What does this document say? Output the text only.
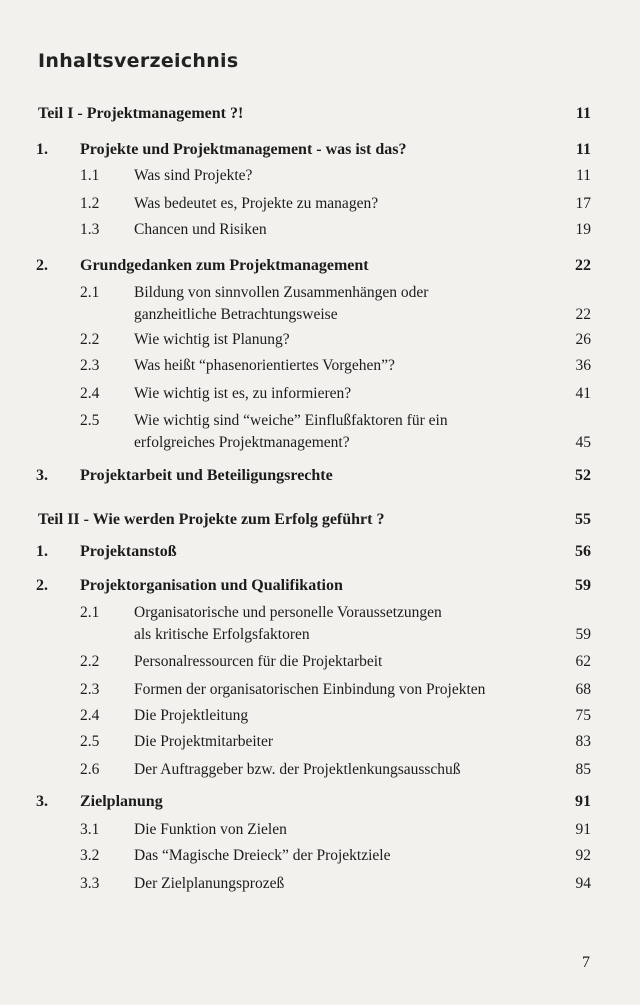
Inhaltsverzeichnis
Teil I - Projektmanagement ?!	11
1. Projekte und Projektmanagement - was ist das?	11
1.1 Was sind Projekte?	11
1.2 Was bedeutet es, Projekte zu managen?	17
1.3 Chancen und Risiken	19
2. Grundgedanken zum Projektmanagement	22
2.1 Bildung von sinnvollen Zusammenhängen oder
ganzheitliche Betrachtungsweise	22
2.2 Wie wichtig ist Planung?	26
2.3 Was heißt “phasenorientiertes Vorgehen”?	36
2.4 Wie wichtig ist es, zu informieren?	41
2.5 Wie wichtig sind “weiche” Einflußfaktoren für ein
erfolgreiches Projektmanagement?	45
3. Projektarbeit und Beteiligungsrechte	52
Teil II - Wie werden Projekte zum Erfolg geführt ?	55
1. Projektanstoß	56
2. Projektorganisation und Qualifikation	59
2.1 Organisatorische und personelle Voraussetzungen
als kritische Erfolgsfaktoren	59
2.2 Personalressourcen für die Projektarbeit	62
2.3 Formen der organisatorischen Einbindung von Projekten	68
2.4 Die Projektleitung	75
2.5 Die Projektmitarbeiter	83
2.6 Der Auftraggeber bzw. der Projektlenkungsausschuß	85
3. Zielplanung	91
3.1 Die Funktion von Zielen	91
3.2 Das “Magische Dreieck” der Projektziele	92
3.3 Der Zielplanungsprozeß	94
7
